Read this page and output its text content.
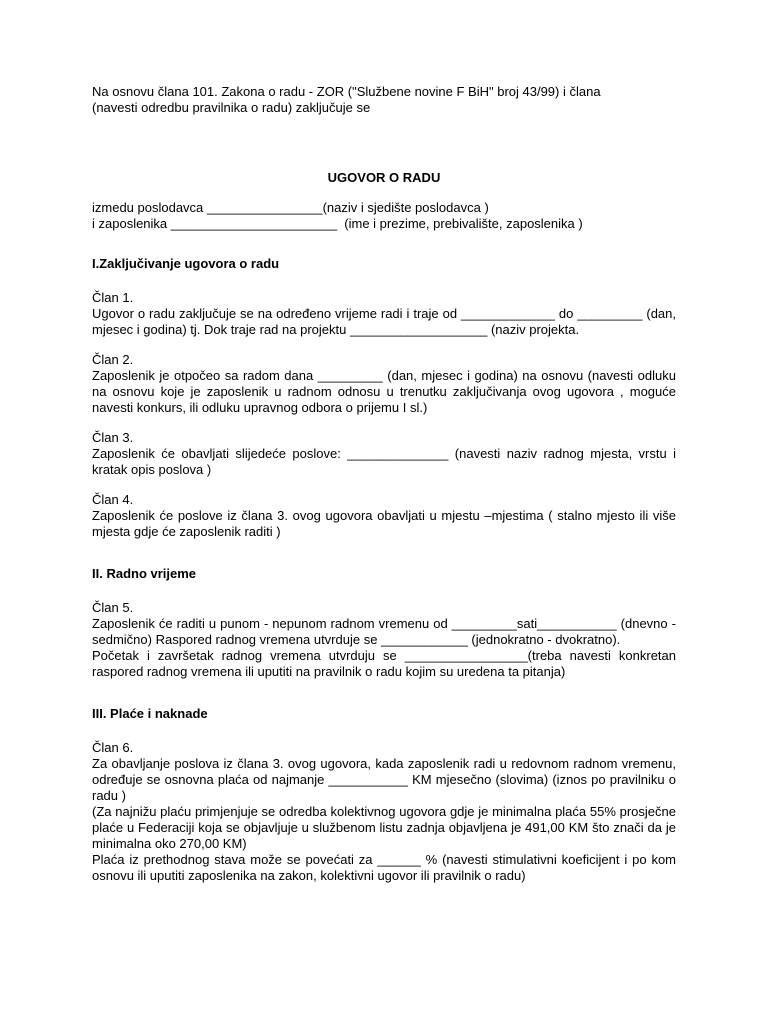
Na osnovu člana 101. Zakona o radu - ZOR ("Službene novine F BiH" broj 43/99) i člana
(navesti odredbu pravilnika o radu) zaključuje se
UGOVOR O RADU
izmedu poslodavca ________________(naziv i sjedište poslodavca )
i zaposlenika _______________________  (ime i prezime, prebivalište, zaposlenika )
I.Zaključivanje ugovora o radu
Član 1.
Ugovor o radu zaključuje se na određeno vrijeme radi i traje od _____________ do _________ (dan, mjesec i godina) tj. Dok traje rad na projektu ___________________ (naziv projekta.
Član 2.
Zaposlenik je otpočeo sa radom dana _________ (dan, mjesec i godina) na osnovu (navesti odluku na osnovu koje je zaposlenik u radnom odnosu u trenutku zaključivanja ovog ugovora , moguće navesti konkurs, ili odluku upravnog odbora o prijemu I sl.)
Član 3.
Zaposlenik će obavljati slijedeće poslove: ______________ (navesti naziv radnog mjesta, vrstu i kratak opis poslova )
Član 4.
Zaposlenik će poslove iz člana 3. ovog ugovora obavljati u mjestu –mjestima ( stalno mjesto ili više mjesta gdje će zaposlenik raditi )
II. Radno vrijeme
Član 5.
Zaposlenik će raditi u punom - nepunom radnom vremenu od _________sati___________ (dnevno - sedmično) Raspored radnog vremena utvrduje se ____________ (jednokratno - dvokratno).
Početak i završetak radnog vremena utvrduju se _________________(treba navesti konkretan raspored radnog vremena ili uputiti na pravilnik o radu kojim su uredena ta pitanja)
III. Plaće i naknade
Član 6.
Za obavljanje poslova iz člana 3. ovog ugovora, kada zaposlenik radi u redovnom radnom vremenu, određuje se osnovna plaća od najmanje ___________ KM mjesečno (slovima) (iznos po pravilniku o radu )
(Za najnižu plaću primjenjuje se odredba kolektivnog ugovora gdje je minimalna plaća 55% prosječne plaće u Federaciji koja se objavljuje u službenom listu zadnja objavljena je 491,00 KM što znači da je minimalna oko 270,00 KM)
Plaća iz prethodnog stava može se povećati za ______ % (navesti stimulativni koeficijent i po kom osnovu ili uputiti zaposlenika na zakon, kolektivni ugovor ili pravilnik o radu)
